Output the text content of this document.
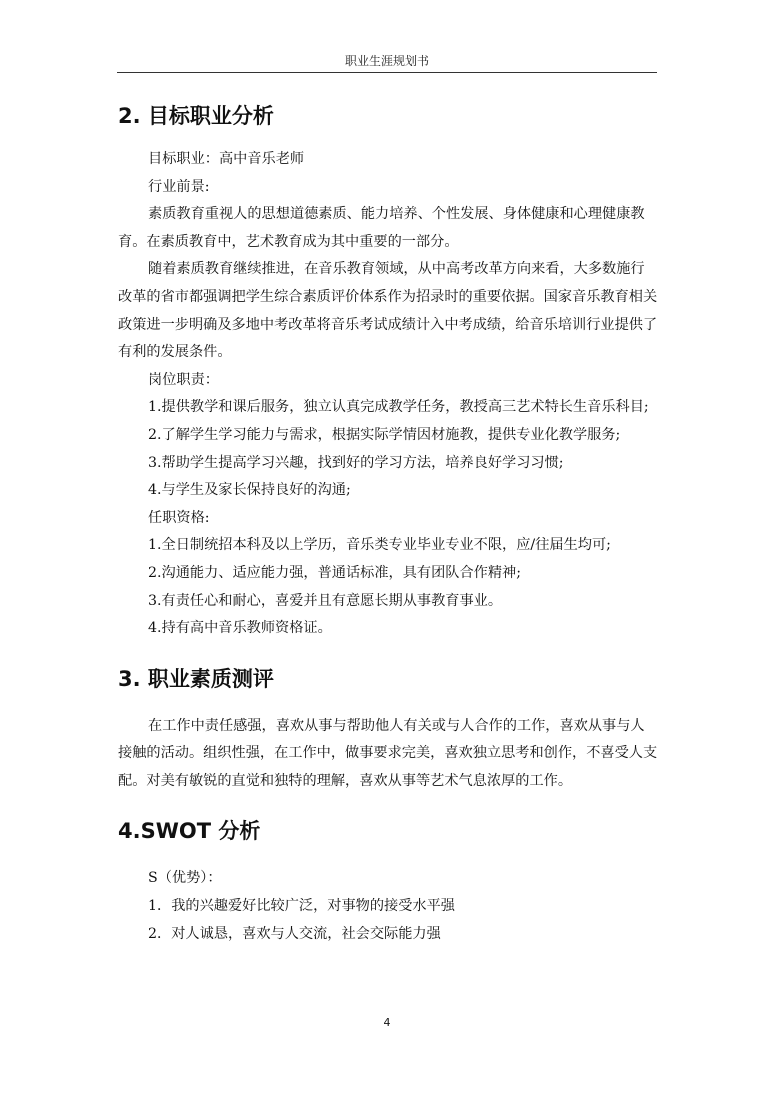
职业生涯规划书
2. 目标职业分析

目标职业：高中音乐老师

行业前景:

素质教育重视人的思想道德素质、能力培养、个性发展、身体健康和心理健康教育。在素质教育中，艺术教育成为其中重要的一部分。

随着素质教育继续推进，在音乐教育领域，从中高考改革方向来看，大多数施行改革的省市都强调把学生综合素质评价体系作为招录时的重要依据。国家音乐教育相关政策进一步明确及多地中考改革将音乐考试成绩计入中考成绩，给音乐培训行业提供了有利的发展条件。

岗位职责：

1.提供教学和课后服务，独立认真完成教学任务，教授高三艺术特长生音乐科目;

2.了解学生学习能力与需求，根据实际学情因材施教，提供专业化教学服务;

3.帮助学生提高学习兴趣，找到好的学习方法，培养良好学习习惯;

4.与学生及家长保持良好的沟通;

任职资格:

1.全日制统招本科及以上学历，音乐类专业毕业专业不限，应/往届生均可;

2.沟通能力、适应能力强，普通话标准，具有团队合作精神;

3.有责任心和耐心，喜爱并且有意愿长期从事教育事业。

4.持有高中音乐教师资格证。

3. 职业素质测评

在工作中责任感强，喜欢从事与帮助他人有关或与人合作的工作，喜欢从事与人接触的活动。组织性强，在工作中，做事要求完美，喜欢独立思考和创作，不喜受人支配。对美有敏锐的直觉和独特的理解，喜欢从事等艺术气息浓厚的工作。

4.SWOT 分析

S（优势）：

1．我的兴趣爱好比较广泛，对事物的接受水平强

2．对人诚恳，喜欢与人交流，社会交际能力强

4
